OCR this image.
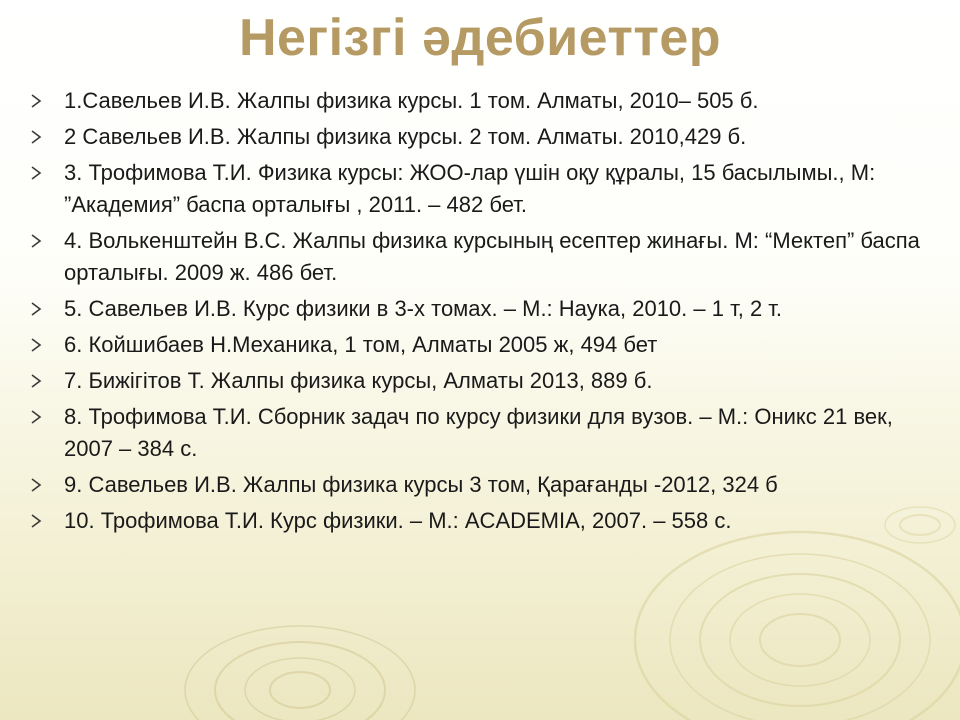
Негізгі әдебиеттер
1.Савельев И.В. Жалпы физика курсы. 1 том. Алматы, 2010– 505 б.
2 Савельев И.В. Жалпы физика курсы. 2 том. Алматы. 2010,429 б.
3. Трофимова Т.И. Физика курсы: ЖОО-лар үшін оқу құралы, 15 басылымы., М: ”Академия” баспа орталығы , 2011. – 482 бет.
4. Волькенштейн В.С. Жалпы физика курсының есептер жинағы. М: “Мектеп” баспа орталығы. 2009 ж. 486 бет.
5. Савельев И.В. Курс физики в 3-х томах. – М.: Наука, 2010. – 1 т, 2 т.
6. Койшибаев Н.Механика, 1 том, Алматы 2005 ж, 494 бет
7. Бижігітов Т. Жалпы физика курсы, Алматы 2013, 889 б.
8. Трофимова Т.И. Сборник задач по курсу физики для вузов. – М.: Оникс 21 век, 2007 – 384 с.
9. Савельев И.В. Жалпы физика курсы 3 том, Қарағанды -2012, 324 б
10. Трофимова Т.И. Курс физики. – М.: ACADEMIA, 2007. – 558 с.
